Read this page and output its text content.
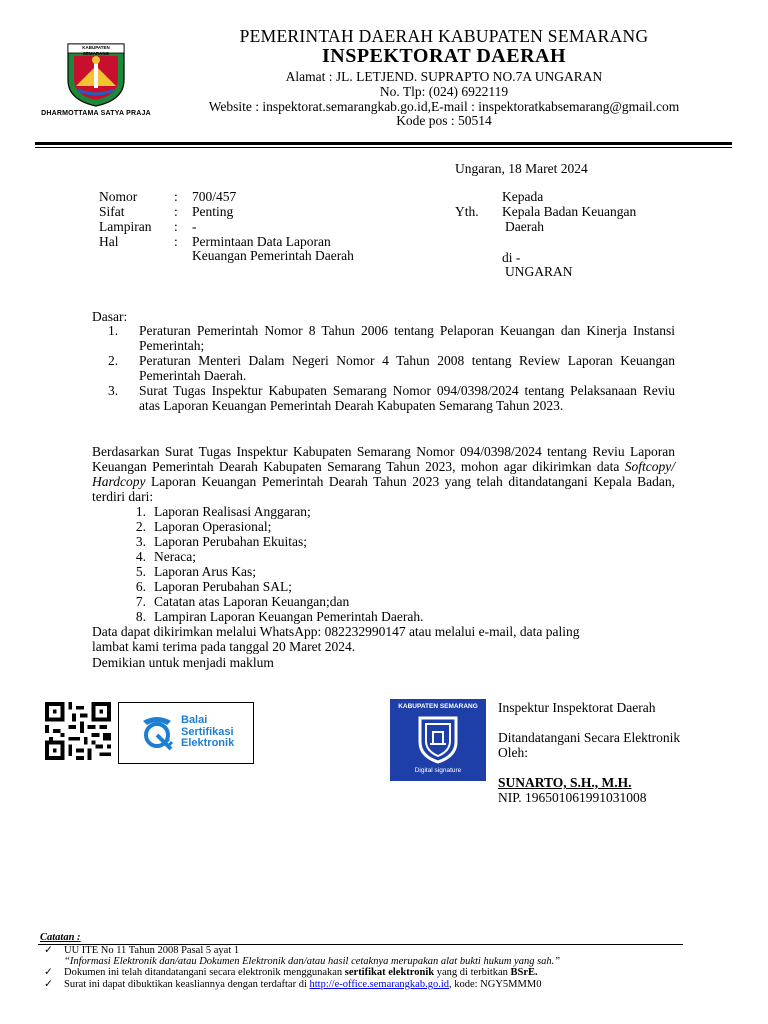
KABUPATEN SEMARANG
DHARMOTTAMA SATYA PRAJA
PEMERINTAH DAERAH KABUPATEN SEMARANG
INSPEKTORAT DAERAH
Alamat : JL. LETJEND. SUPRAPTO NO.7A UNGARAN
No. Tlp: (024) 6922119
Website : inspektorat.semarangkab.go.id,E-mail : inspektoratkabsemarang@gmail.com
Kode pos : 50514
Ungaran, 18 Maret 2024
Nomor	: 700/457
Sifat	: Penting
Lampiran : -
Hal	: Permintaan Data Laporan
Keuangan Pemerintah Daerah
Kepada
Yth. Kepala Badan Keuangan
Daerah
di -
UNGARAN
Dasar:
1.	Peraturan Pemerintah Nomor 8 Tahun 2006 tentang Pelaporan Keuangan dan Kinerja Instansi Pemerintah;
2.	Peraturan Menteri Dalam Negeri Nomor 4 Tahun 2008 tentang Review Laporan Keuangan Pemerintah Daerah.
3.	Surat Tugas Inspektur Kabupaten Semarang Nomor 094/0398/2024 tentang Pelaksanaan Reviu atas Laporan Keuangan Pemerintah Dearah Kabupaten Semarang Tahun 2023.
Berdasarkan Surat Tugas Inspektur Kabupaten Semarang Nomor 094/0398/2024 tentang Reviu Laporan Keuangan Pemerintah Dearah Kabupaten Semarang Tahun 2023, mohon agar dikirimkan data Softcopy/ Hardcopy Laporan Keuangan Pemerintah Dearah Tahun 2023 yang telah ditandatangani Kepala Badan, terdiri dari:
1. Laporan Realisasi Anggaran;
2. Laporan Operasional;
3. Laporan Perubahan Ekuitas;
4. Neraca;
5. Laporan Arus Kas;
6. Laporan Perubahan SAL;
7. Catatan atas Laporan Keuangan;dan
8. Lampiran Laporan Keuangan Pemerintah Daerah.
Data dapat dikirimkan melalui WhatsApp: 082232990147 atau melalui e-mail, data paling
lambat kami terima pada tanggal 20 Maret 2024.
Demikian untuk menjadi maklum
Balai
Sertifikasi
Elektronik
KABUPATEN SEMARANG
Digital signature
Inspektur Inspektorat Daerah
Ditandatangani Secara Elektronik
Oleh:
SUNARTO, S.H., M.H.
NIP. 196501061991031008
Catatan :
✓ UU ITE No 11 Tahun 2008 Pasal 5 ayat 1
“Informasi Elektronik dan/atau Dokumen Elektronik dan/atau hasil cetaknya merupakan alat bukti hukum yang sah.”
✓ Dokumen ini telah ditandatangani secara elektronik menggunakan sertifikat elektronik yang di terbitkan BSrE.
✓ Surat ini dapat dibuktikan keasliannya dengan terdaftar di http://e-office.semarangkab.go.id, kode: NGY5MMM0
